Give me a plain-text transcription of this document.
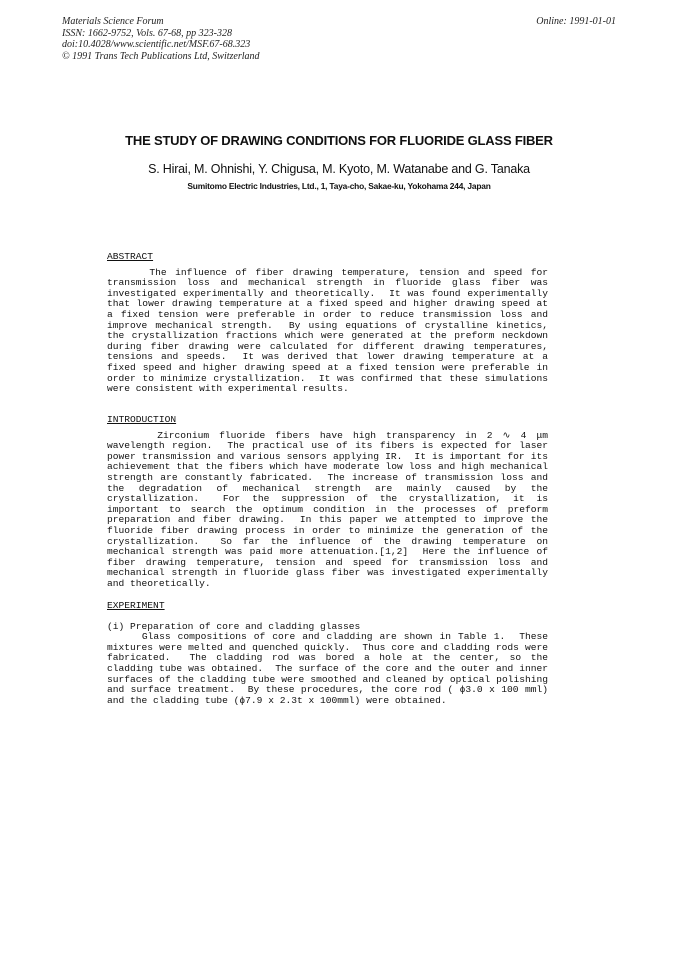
Materials Science Forum
ISSN: 1662-9752, Vols. 67-68, pp 323-328
doi:10.4028/www.scientific.net/MSF.67-68.323
© 1991 Trans Tech Publications Ltd, Switzerland
Online: 1991-01-01
THE STUDY OF DRAWING CONDITIONS FOR FLUORIDE GLASS FIBER
S. Hirai, M. Ohnishi, Y. Chigusa, M. Kyoto, M. Watanabe and G. Tanaka
Sumitomo Electric Industries, Ltd., 1, Taya-cho, Sakae-ku, Yokohama 244, Japan
ABSTRACT
The influence of fiber drawing temperature, tension and speed for transmission loss and mechanical strength in fluoride glass fiber was investigated experimentally and theoretically.  It was found experimentally that lower drawing temperature at a fixed speed and higher drawing speed at a fixed tension were preferable in order to reduce transmission loss and improve mechanical strength.  By using equations of crystalline kinetics, the crystallization fractions which were generated at the preform neckdown during fiber drawing were calculated for different drawing temperatures, tensions and speeds.  It was derived that lower drawing temperature at a fixed speed and higher drawing speed at a fixed tension were preferable in order to minimize crystallization.  It was confirmed that these simulations were consistent with experimental results.
INTRODUCTION
Zirconium fluoride fibers have high transparency in 2 ∿ 4 μm  wavelength region.  The practical use of its fibers is expected for laser power transmission and various sensors applying IR.  It is important for its achievement that the fibers which have moderate low loss and high mechanical strength are constantly fabricated.  The increase of transmission loss and the degradation of mechanical strength are mainly caused by the crystallization.  For the suppression of the crystallization, it is important to search the optimum condition in the processes of preform preparation and fiber drawing.  In this paper we attempted to improve the fluoride fiber drawing process in order to minimize the generation of the crystallization.  So far the influence of the drawing temperature on mechanical strength was paid more attenuation.[1,2]  Here the influence of fiber drawing temperature, tension and speed for transmission loss and mechanical strength in fluoride glass fiber was investigated experimentally and theoretically.
EXPERIMENT
(i) Preparation of core and cladding glasses
Glass compositions of core and cladding are shown in Table 1.  These mixtures were melted and quenched quickly.  Thus core and cladding rods were fabricated.  The cladding rod was bored a hole at the center, so the cladding tube was obtained.  The surface of the core and the outer and inner surfaces of the cladding tube were smoothed and cleaned by optical polishing and surface treatment.  By these procedures, the core rod ( ϕ3.0 x 100 mml) and the cladding tube (ϕ7.9 x 2.3t x 100mml) were obtained.
